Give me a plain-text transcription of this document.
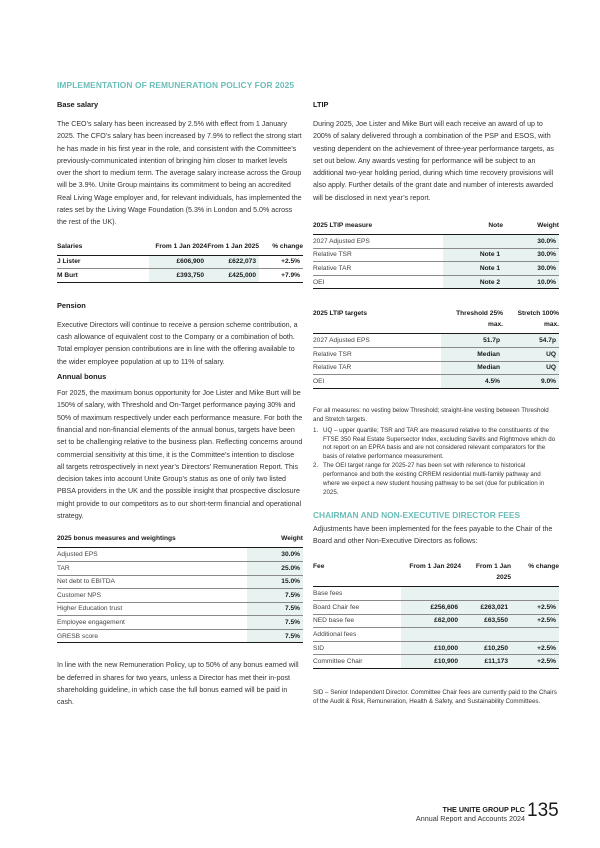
IMPLEMENTATION OF REMUNERATION POLICY FOR 2025
Base salary
The CEO’s salary has been increased by 2.5% with effect from 1 January 2025. The CFO’s salary has been increased by 7.9% to reflect the strong start he has made in his first year in the role, and consistent with the Committee’s previously-communicated intention of bringing him closer to market levels over the short to medium term. The average salary increase across the Group will be 3.9%. Unite Group maintains its commitment to being an accredited Real Living Wage employer and, for relevant individuals, has implemented the rates set by the Living Wage Foundation (5.3% in London and 5.0% across the rest of the UK).
Salaries	From 1 Jan 2024	From 1 Jan 2025	% change
J Lister	£606,900	£622,073	+2.5%
M Burt	£393,750	£425,000	+7.9%
Pension
Executive Directors will continue to receive a pension scheme contribution, a cash allowance of equivalent cost to the Company or a combination of both. Total employer pension contributions are in line with the offering available to the wider employee population at up to 11% of salary.
Annual bonus
For 2025, the maximum bonus opportunity for Joe Lister and Mike Burt will be 150% of salary, with Threshold and On-Target performance paying 30% and 50% of maximum respectively under each performance measure. For both the financial and non-financial elements of the annual bonus, targets have been set to be challenging relative to the business plan. Reflecting concerns around commercial sensitivity at this time, it is the Committee’s intention to disclose all targets retrospectively in next year’s Directors’ Remuneration Report. This decision takes into account Unite Group’s status as one of only two listed PBSA providers in the UK and the possible insight that prospective disclosure might provide to our competitors as to our short-term financial and operational strategy.
2025 bonus measures and weightings	Weight
Adjusted EPS	30.0%
TAR	25.0%
Net debt to EBITDA	15.0%
Customer NPS	7.5%
Higher Education trust	7.5%
Employee engagement	7.5%
GRESB score	7.5%
In line with the new Remuneration Policy, up to 50% of any bonus earned will be deferred in shares for two years, unless a Director has met their in-post shareholding guideline, in which case the full bonus earned will be paid in cash.
LTIP
During 2025, Joe Lister and Mike Burt will each receive an award of up to 200% of salary delivered through a combination of the PSP and ESOS, with vesting dependent on the achievement of three-year performance targets, as set out below. Any awards vesting for performance will be subject to an additional two-year holding period, during which time recovery provisions will also apply. Further details of the grant date and number of interests awarded will be disclosed in next year’s report.
2025 LTIP measure	Note	Weight
2027 Adjusted EPS		30.0%
Relative TSR	Note 1	30.0%
Relative TAR	Note 1	30.0%
OEI	Note 2	10.0%
2025 LTIP targets	Threshold 25% max.	Stretch 100% max.
2027 Adjusted EPS	51.7p	54.7p
Relative TSR	Median	UQ
Relative TAR	Median	UQ
OEI	4.5%	9.0%
For all measures: no vesting below Threshold; straight-line vesting between Threshold and Stretch targets.
1. UQ – upper quartile; TSR and TAR are measured relative to the constituents of the FTSE 350 Real Estate Supersector Index, excluding Savills and Rightmove which do not report on an EPRA basis and are not considered relevant comparators for the basis of relative performance measurement.
2. The OEI target range for 2025-27 has been set with reference to historical performance and both the existing CRREM residential multi-family pathway and where we expect a new student housing pathway to be set (due for publication in 2025.
CHAIRMAN AND NON-EXECUTIVE DIRECTOR FEES
Adjustments have been implemented for the fees payable to the Chair of the Board and other Non-Executive Directors as follows:
Fee	From 1 Jan 2024	From 1 Jan 2025	% change
Base fees			
Board Chair fee	£256,606	£263,021	+2.5%
NED base fee	£62,000	£63,550	+2.5%
Additional fees			
SID	£10,000	£10,250	+2.5%
Committee Chair	£10,900	£11,173	+2.5%
SID – Senior Independent Director. Committee Chair fees are currently paid to the Chairs of the Audit & Risk, Remuneration, Health & Safety, and Sustainability Committees.
THE UNITE GROUP PLC
Annual Report and Accounts 2024 135
